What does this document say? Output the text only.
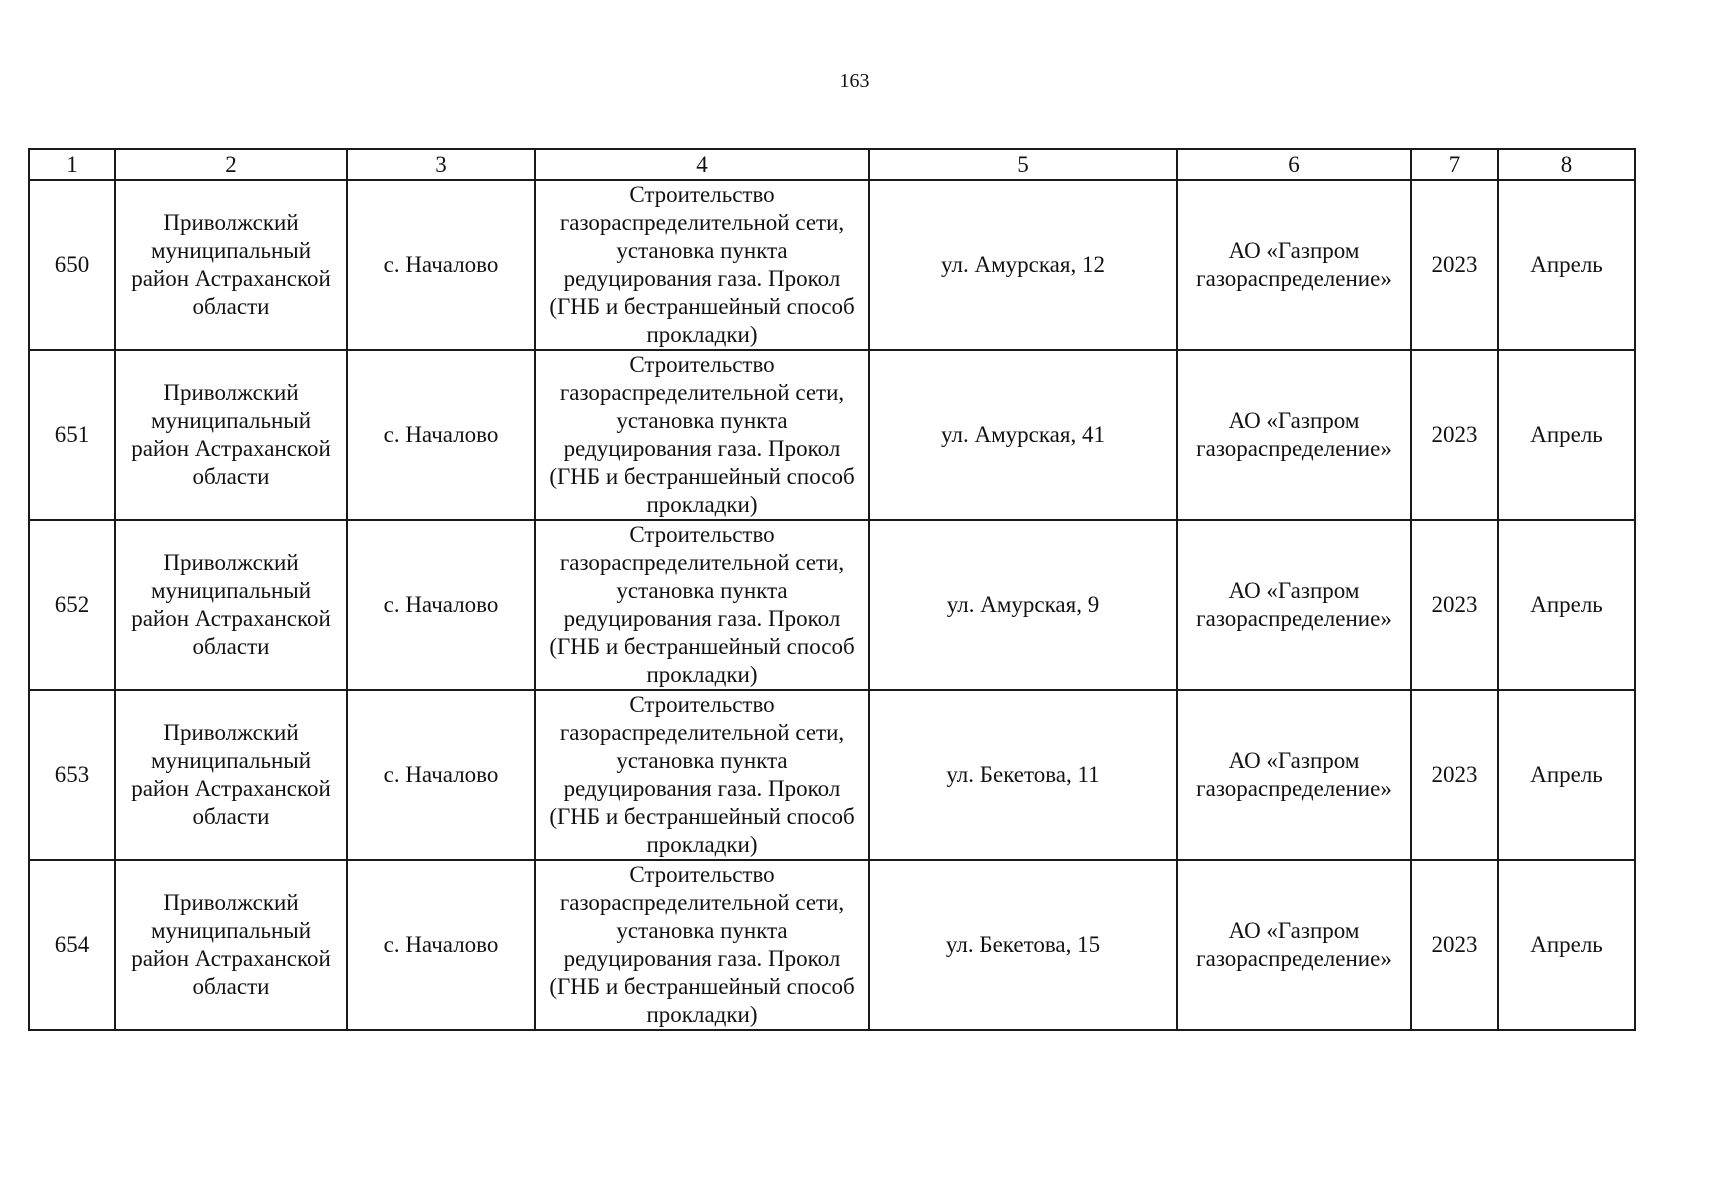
163
1	2	3	4	5	6	7	8
650	Приволжский муниципальный район Астраханской области	с. Началово	Строительство газораспределительной сети, установка пункта редуцирования газа. Прокол (ГНБ и бестраншейный способ прокладки)	ул. Амурская, 12	АО «Газпром газораспределение»	2023	Апрель
651	Приволжский муниципальный район Астраханской области	с. Началово	Строительство газораспределительной сети, установка пункта редуцирования газа. Прокол (ГНБ и бестраншейный способ прокладки)	ул. Амурская, 41	АО «Газпром газораспределение»	2023	Апрель
652	Приволжский муниципальный район Астраханской области	с. Началово	Строительство газораспределительной сети, установка пункта редуцирования газа. Прокол (ГНБ и бестраншейный способ прокладки)	ул. Амурская, 9	АО «Газпром газораспределение»	2023	Апрель
653	Приволжский муниципальный район Астраханской области	с. Началово	Строительство газораспределительной сети, установка пункта редуцирования газа. Прокол (ГНБ и бестраншейный способ прокладки)	ул. Бекетова, 11	АО «Газпром газораспределение»	2023	Апрель
654	Приволжский муниципальный район Астраханской области	с. Началово	Строительство газораспределительной сети, установка пункта редуцирования газа. Прокол (ГНБ и бестраншейный способ прокладки)	ул. Бекетова, 15	АО «Газпром газораспределение»	2023	Апрель
